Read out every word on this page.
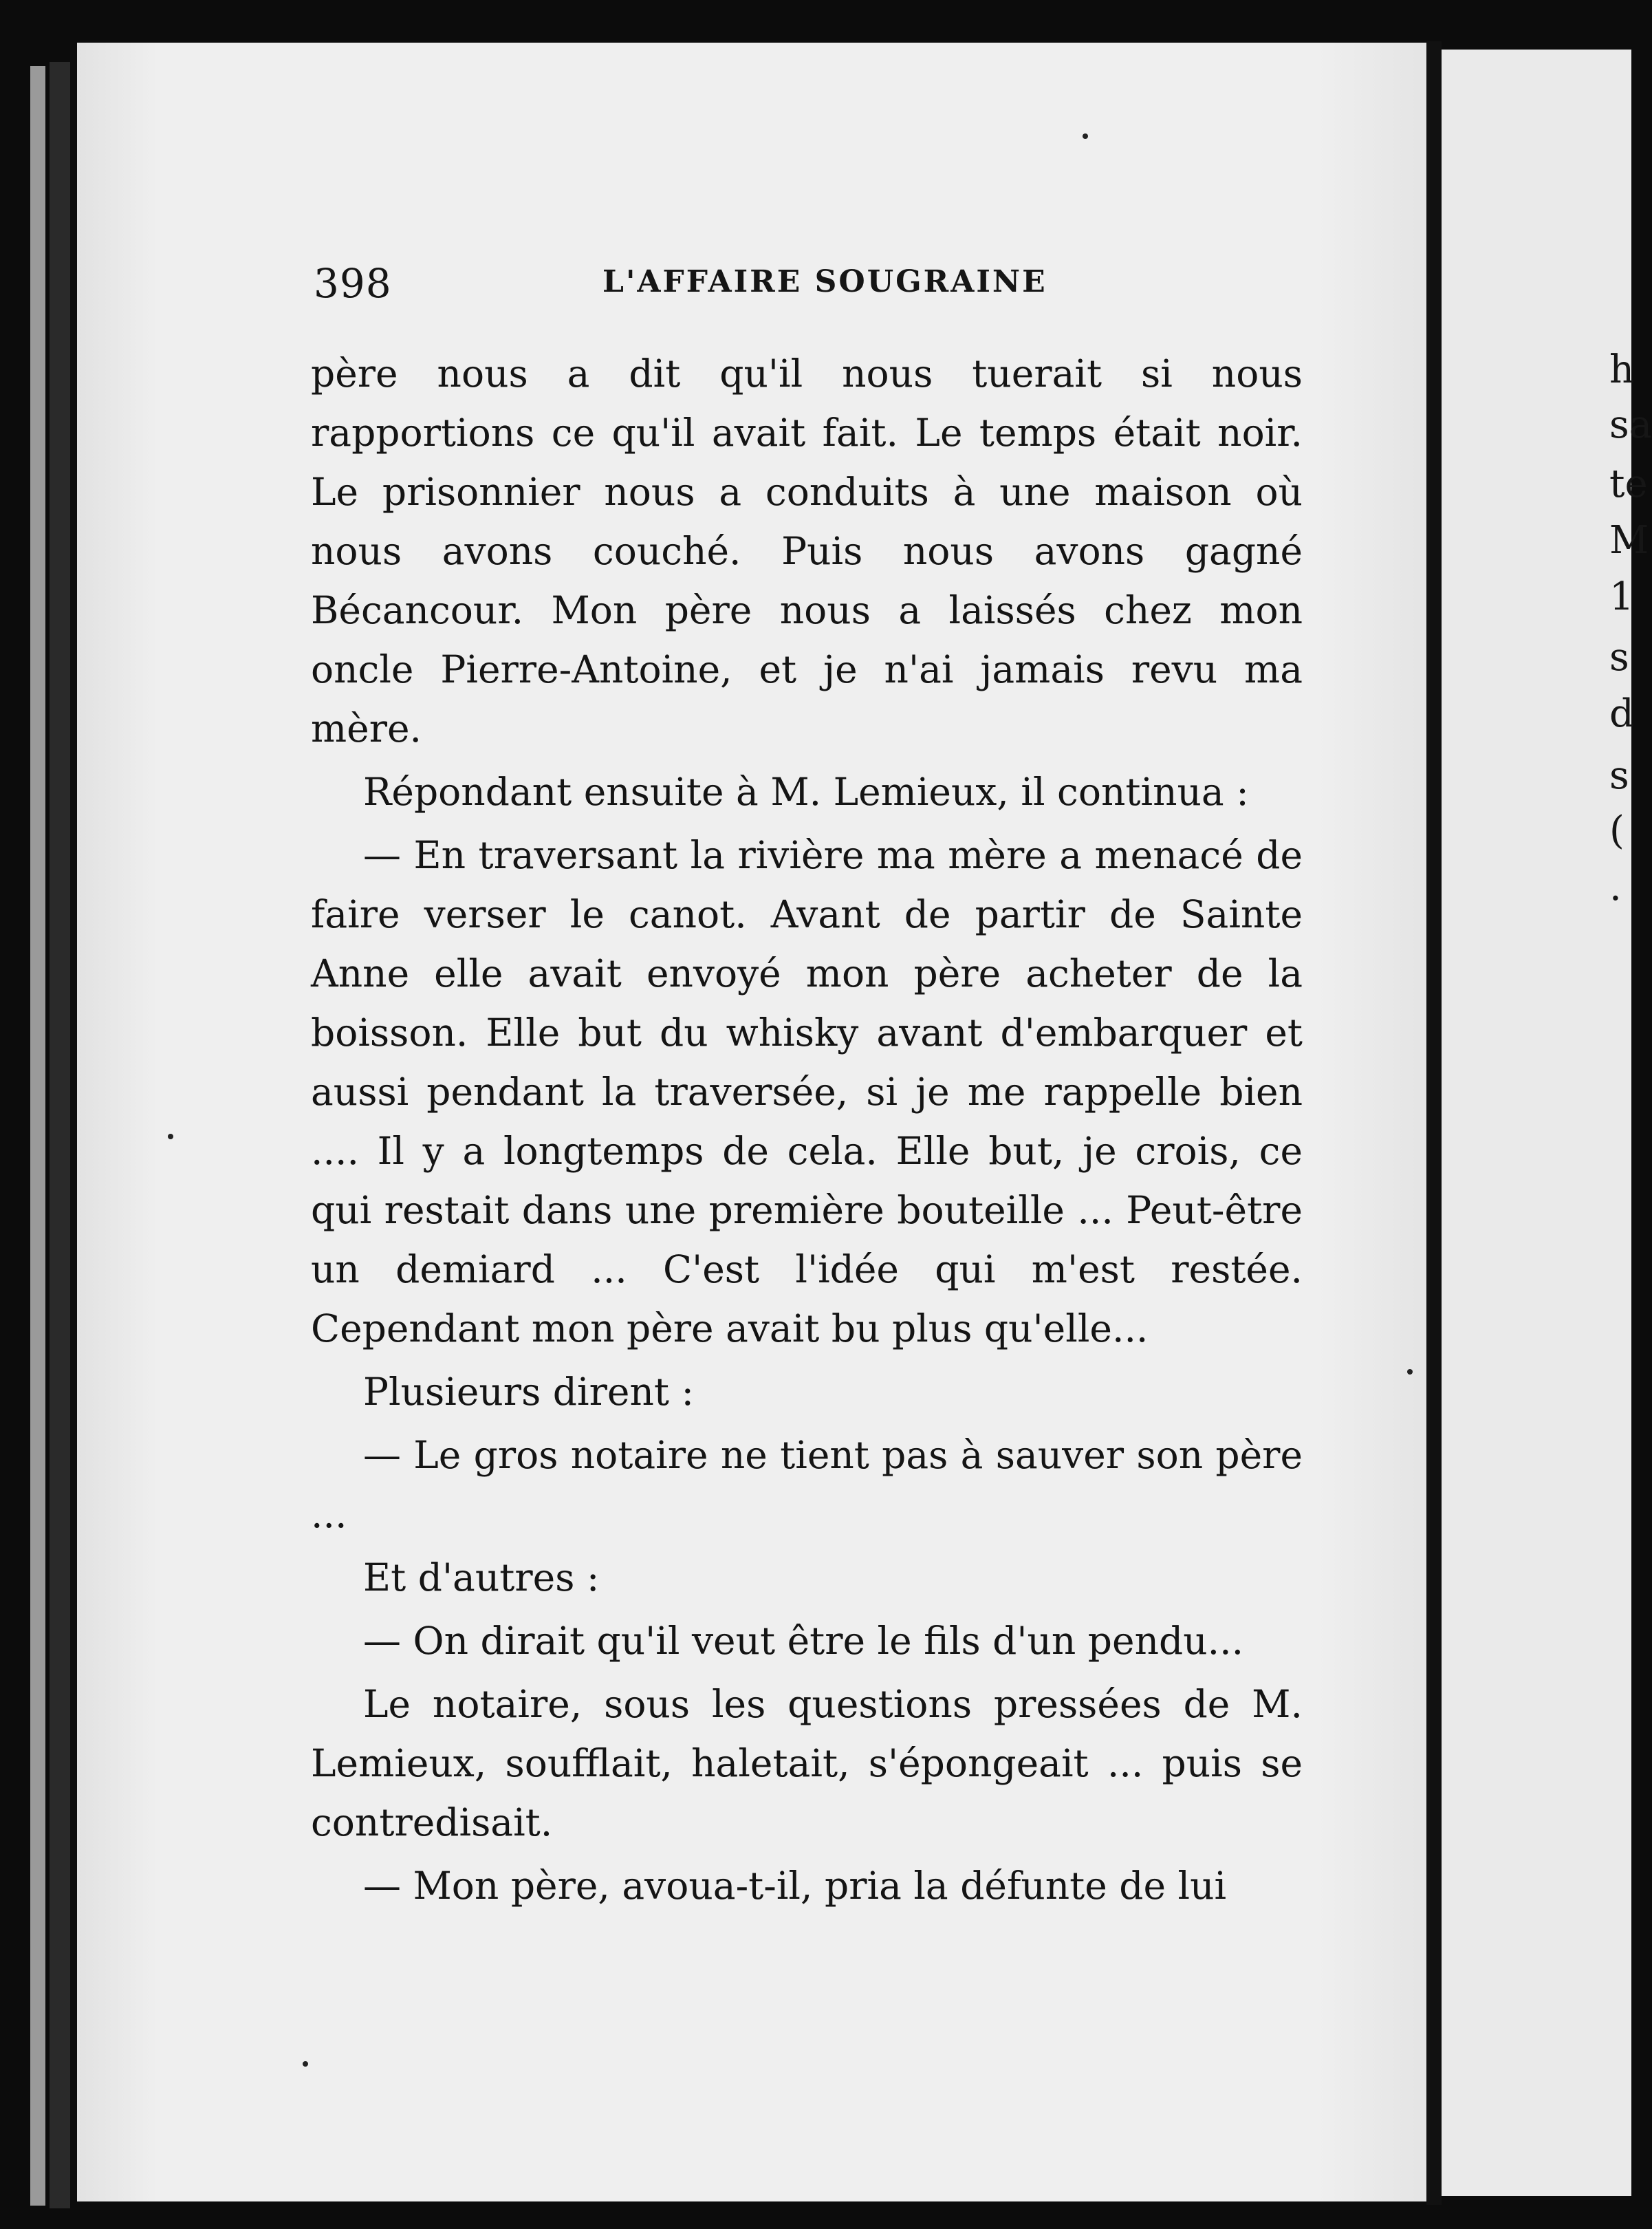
h
sa
te
M
1
s
d
s
(
.
398	L'AFFAIRE SOUGRAINE

père nous a dit qu'il nous tuerait si nous rapportions ce qu'il avait fait. Le temps était noir. Le prisonnier nous a conduits à une maison où nous avons couché. Puis nous avons gagné Bécancour. Mon père nous a laissés chez mon oncle Pierre-Antoine, et je n'ai jamais revu ma mère.

Répondant ensuite à M. Lemieux, il continua :

— En traversant la rivière ma mère a menacé de faire verser le canot. Avant de partir de Sainte Anne elle avait envoyé mon père acheter de la boisson. Elle but du whisky avant d'embarquer et aussi pendant la traversée, si je me rappelle bien .... Il y a longtemps de cela. Elle but, je crois, ce qui restait dans une première bouteille ... Peut-être un demiard ... C'est l'idée qui m'est restée. Cependant mon père avait bu plus qu'elle...

Plusieurs dirent :

— Le gros notaire ne tient pas à sauver son père ...

Et d'autres :

— On dirait qu'il veut être le fils d'un pendu...

Le notaire, sous les questions pressées de M. Lemieux, soufflait, haletait, s'épongeait ... puis se contredisait.

— Mon père, avoua-t-il, pria la défunte de lui
